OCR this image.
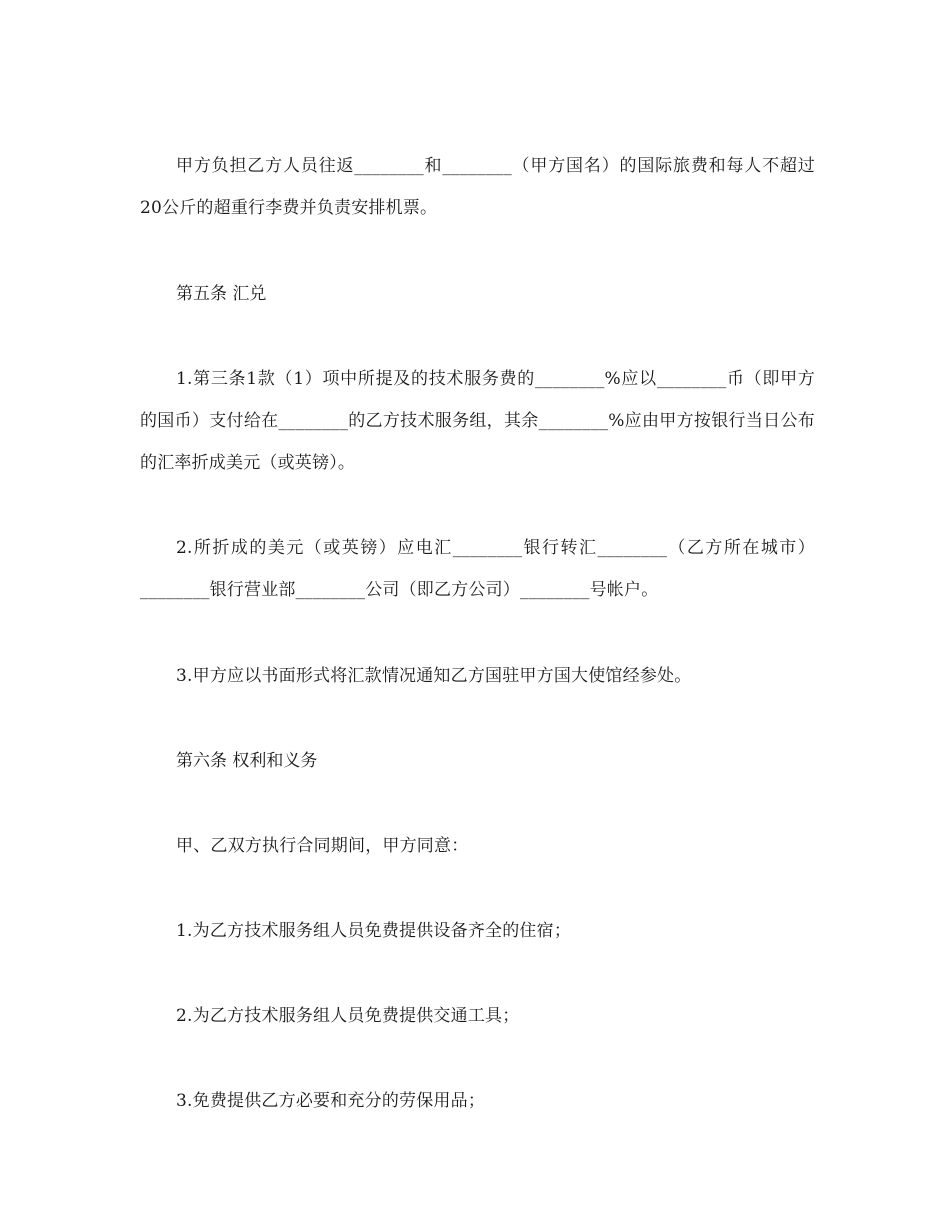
甲方负担乙方人员往返________和________（甲方国名）的国际旅费和每人不超过20公斤的超重行李费并负责安排机票。

第五条 汇兑

1.第三条1款（1）项中所提及的技术服务费的________%应以________币（即甲方的国币）支付给在________的乙方技术服务组，其余________%应由甲方按银行当日公布的汇率折成美元（或英镑）。

2.所折成的美元（或英镑）应电汇________银行转汇________（乙方所在城市）________银行营业部________公司（即乙方公司）________号帐户。

3.甲方应以书面形式将汇款情况通知乙方国驻甲方国大使馆经参处。

第六条 权利和义务

甲、乙双方执行合同期间，甲方同意：

1.为乙方技术服务组人员免费提供设备齐全的住宿；

2.为乙方技术服务组人员免费提供交通工具；

3.免费提供乙方必要和充分的劳保用品；
